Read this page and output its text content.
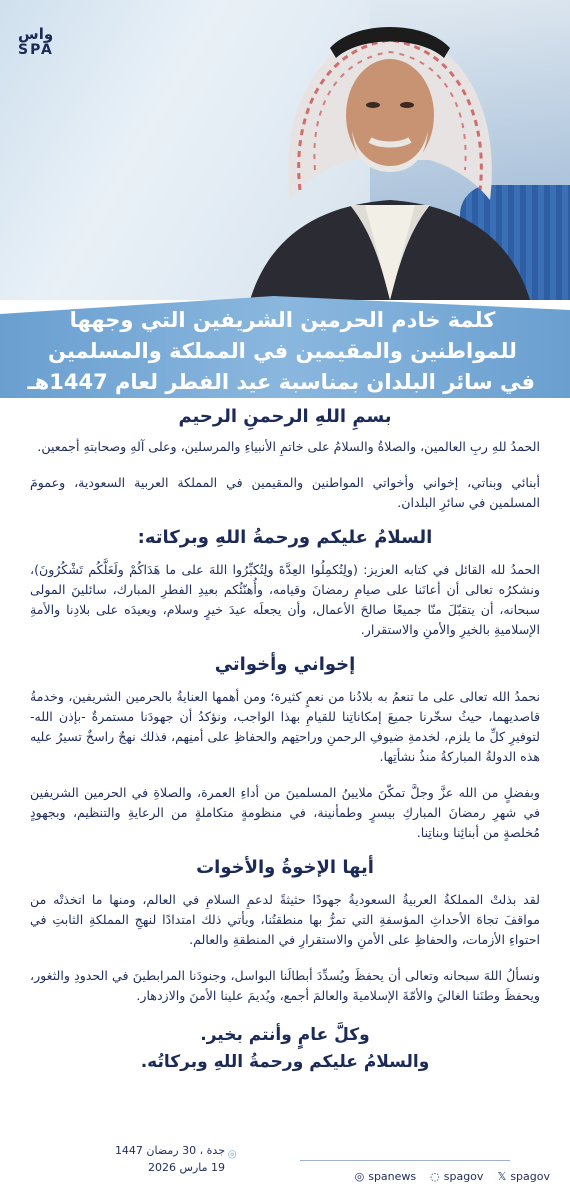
واس
SPA
كلمة خادم الحرمين الشريفين التي وجهها
للمواطنين والمقيمين في المملكة والمسلمين
في سائر البلدان بمناسبة عيد الفطر لعام 1447هـ
بسمِ اللهِ الرحمنِ الرحيم

الحمدُ للهِ ربِ العالمين، والصلاةُ والسلامُ على خاتمِ الأنبياءِ والمرسلين، وعلى آلهِ وصحابتهِ أجمعين.

أبنائي وبناتي، إخواني وأخواتي المواطنين والمقيمين في المملكة العربية السعودية، وعمومَ المسلمين في سائرِ البلدان.

السلامُ عليكم ورحمةُ اللهِ وبركاته:

الحمدُ لله القائل في كتابه العزيز: (ولِتُكمِلُوا العِدَّةَ ولِتُكبِّرُوا اللهَ على ما هَدَاكُمْ ولَعَلَّكُم تَشْكُرُونَ)، ونشكرُه تعالى أن أعانَنا على صيامِ رمضانَ وقيامه، وأُهنّئُكم بعيدِ الفطرِ المبارك، سائلينَ المولى سبحانه، أن يتقبّلَ منّا جميعًا صالحَ الأعمال، وأن يجعلَه عيدَ خيرٍ وسلام، ويعيدَه على بلادِنا والأمةِ الإسلاميةِ بالخيرِ والأمنِ والاستقرار.

إخواني وأخواتي

نحمدُ الله تعالى على ما تنعمُ به بلادُنا من نعمٍ كثيرة؛ ومن أهمها العنايةُ بالحرمين الشريفين، وخدمةُ قاصديهما، حيثُ سخّرنا جميعَ إمكاناتِنا للقيامِ بهذا الواجب، ونؤكدُ أن جهودَنا مستمرةٌ -بإذن الله- لتوفيرِ كلِّ ما يلزم، لخدمةِ ضيوفِ الرحمنِ وراحتِهم والحفاظِ على أمنِهم، فذلك نهجٌ راسخٌ تسيرُ عليه هذه الدولةُ المباركةُ منذُ نشأتِها.

وبفضلٍ من الله عزَّ وجلَّ تمكّنَ ملايينُ المسلمينَ من أداءِ العمرة، والصلاةِ في الحرمين الشريفين في شهرِ رمضانَ المباركِ بيسرٍ وطمأنينة، في منظومةٍ متكاملةٍ من الرعايةِ والتنظيم، وبجهودٍ مُخلصةٍ من أبنائِنا وبناتِنا.

أيها الإخوةُ والأخوات

لقد بذلتْ المملكةُ العربيةُ السعوديةُ جهودًا حثيثةً لدعمِ السلامِ في العالم، ومنها ما اتخذتْه من مواقفَ تجاهَ الأحداثِ المؤسفةِ التي تمرُّ بها منطقتُنا، ويأتي ذلك امتدادًا لنهجِ المملكةِ الثابتِ في احتواءِ الأزمات، والحفاظِ على الأمنِ والاستقرارِ في المنطقةِ والعالم.

ونسألُ اللهَ سبحانه وتعالى أن يحفظَ ويُسدِّدَ أبطالَنا البواسل، وجنودَنا المرابطينَ في الحدودِ والثغور، ويحفظَ وطنَنا الغاليَ والأمّةَ الإسلاميةَ والعالمَ أجمع، ويُديمَ علينا الأمنَ والازدهار.

وكلَّ عامٍ وأنتم بخير.
والسلامُ عليكم ورحمةُ اللهِ وبركاتُه.
⌾
جدة ، 30 رمضان 1447
19 مارس 2026
𝕏 spagov
◌ spagov
◎ spanews
